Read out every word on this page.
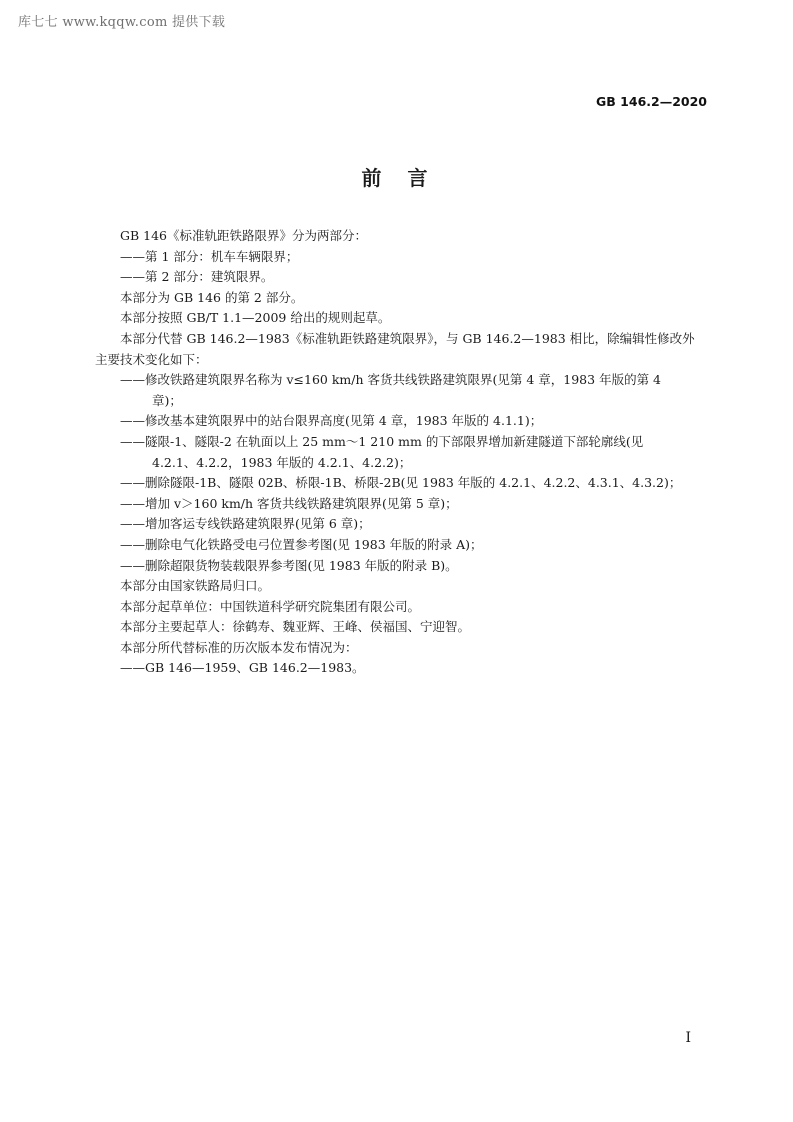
库七七 www.kqqw.com 提供下载
GB 146.2—2020
前言

GB 146《标准轨距铁路限界》分为两部分：

——第 1 部分：机车车辆限界；

——第 2 部分：建筑限界。

本部分为 GB 146 的第 2 部分。

本部分按照 GB/T 1.1—2009 给出的规则起草。

本部分代替 GB 146.2—1983《标准轨距铁路建筑限界》，与 GB 146.2—1983 相比，除编辑性修改外

主要技术变化如下：

——修改铁路建筑限界名称为 v≤160 km/h 客货共线铁路建筑限界(见第 4 章，1983 年版的第 4

章)；

——修改基本建筑限界中的站台限界高度(见第 4 章，1983 年版的 4.1.1)；

——隧限-1、隧限-2 在轨面以上 25 mm～1 210 mm 的下部限界增加新建隧道下部轮廓线(见

4.2.1、4.2.2，1983 年版的 4.2.1、4.2.2)；

——删除隧限-1B、隧限 02B、桥限-1B、桥限-2B(见 1983 年版的 4.2.1、4.2.2、4.3.1、4.3.2)；

——增加 v＞160 km/h 客货共线铁路建筑限界(见第 5 章)；

——增加客运专线铁路建筑限界(见第 6 章)；

——删除电气化铁路受电弓位置参考图(见 1983 年版的附录 A)；

——删除超限货物装载限界参考图(见 1983 年版的附录 B)。

本部分由国家铁路局归口。

本部分起草单位：中国铁道科学研究院集团有限公司。

本部分主要起草人：徐鹤寿、魏亚辉、王峰、侯福国、宁迎智。

本部分所代替标准的历次版本发布情况为：

——GB 146—1959、GB 146.2—1983。

I
